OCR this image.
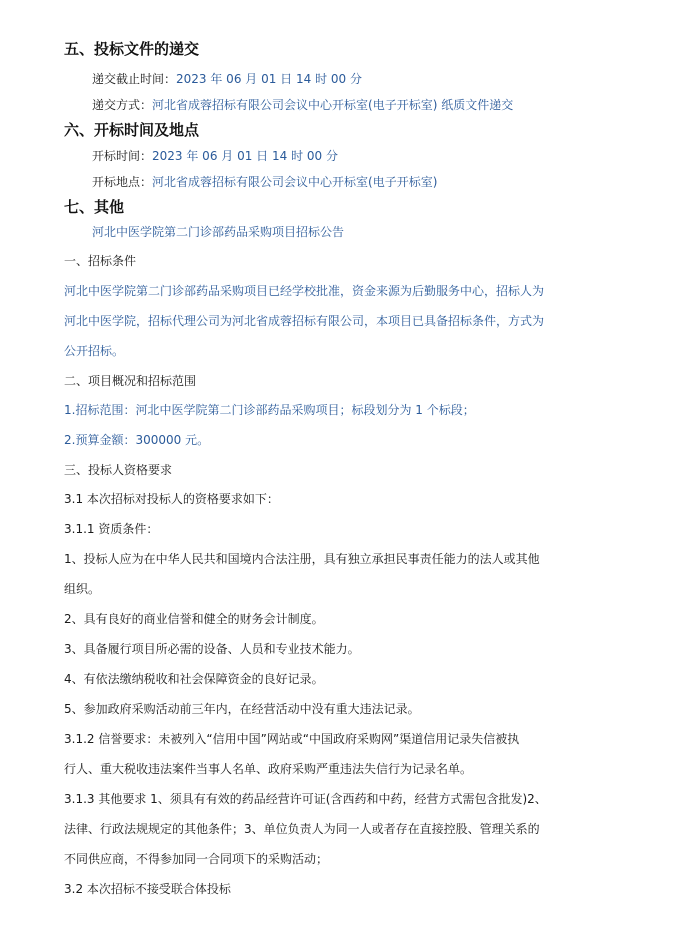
五、投标文件的递交
递交截止时间：2023 年 06 月 01 日 14 时 00 分
递交方式：河北省成蓉招标有限公司会议中心开标室(电子开标室) 纸质文件递交
六、开标时间及地点
开标时间：2023 年 06 月 01 日 14 时 00 分
开标地点：河北省成蓉招标有限公司会议中心开标室(电子开标室)
七、其他
河北中医学院第二门诊部药品采购项目招标公告
一、招标条件
河北中医学院第二门诊部药品采购项目已经学校批准，资金来源为后勤服务中心，招标人为
河北中医学院，招标代理公司为河北省成蓉招标有限公司，本项目已具备招标条件，方式为
公开招标。
二、项目概况和招标范围
1.招标范围：河北中医学院第二门诊部药品采购项目；标段划分为 1 个标段；
2.预算金额：300000 元。
三、投标人资格要求
3.1 本次招标对投标人的资格要求如下：
3.1.1 资质条件：
1、投标人应为在中华人民共和国境内合法注册，具有独立承担民事责任能力的法人或其他
组织。
2、具有良好的商业信誉和健全的财务会计制度。
3、具备履行项目所必需的设备、人员和专业技术能力。
4、有依法缴纳税收和社会保障资金的良好记录。
5、参加政府采购活动前三年内，在经营活动中没有重大违法记录。
3.1.2 信誉要求：未被列入“信用中国”网站或“中国政府采购网”渠道信用记录失信被执
行人、重大税收违法案件当事人名单、政府采购严重违法失信行为记录名单。
3.1.3 其他要求 1、须具有有效的药品经营许可证(含西药和中药，经营方式需包含批发)2、
法律、行政法规规定的其他条件；3、单位负责人为同一人或者存在直接控股、管理关系的
不同供应商，不得参加同一合同项下的采购活动；
3.2 本次招标不接受联合体投标
